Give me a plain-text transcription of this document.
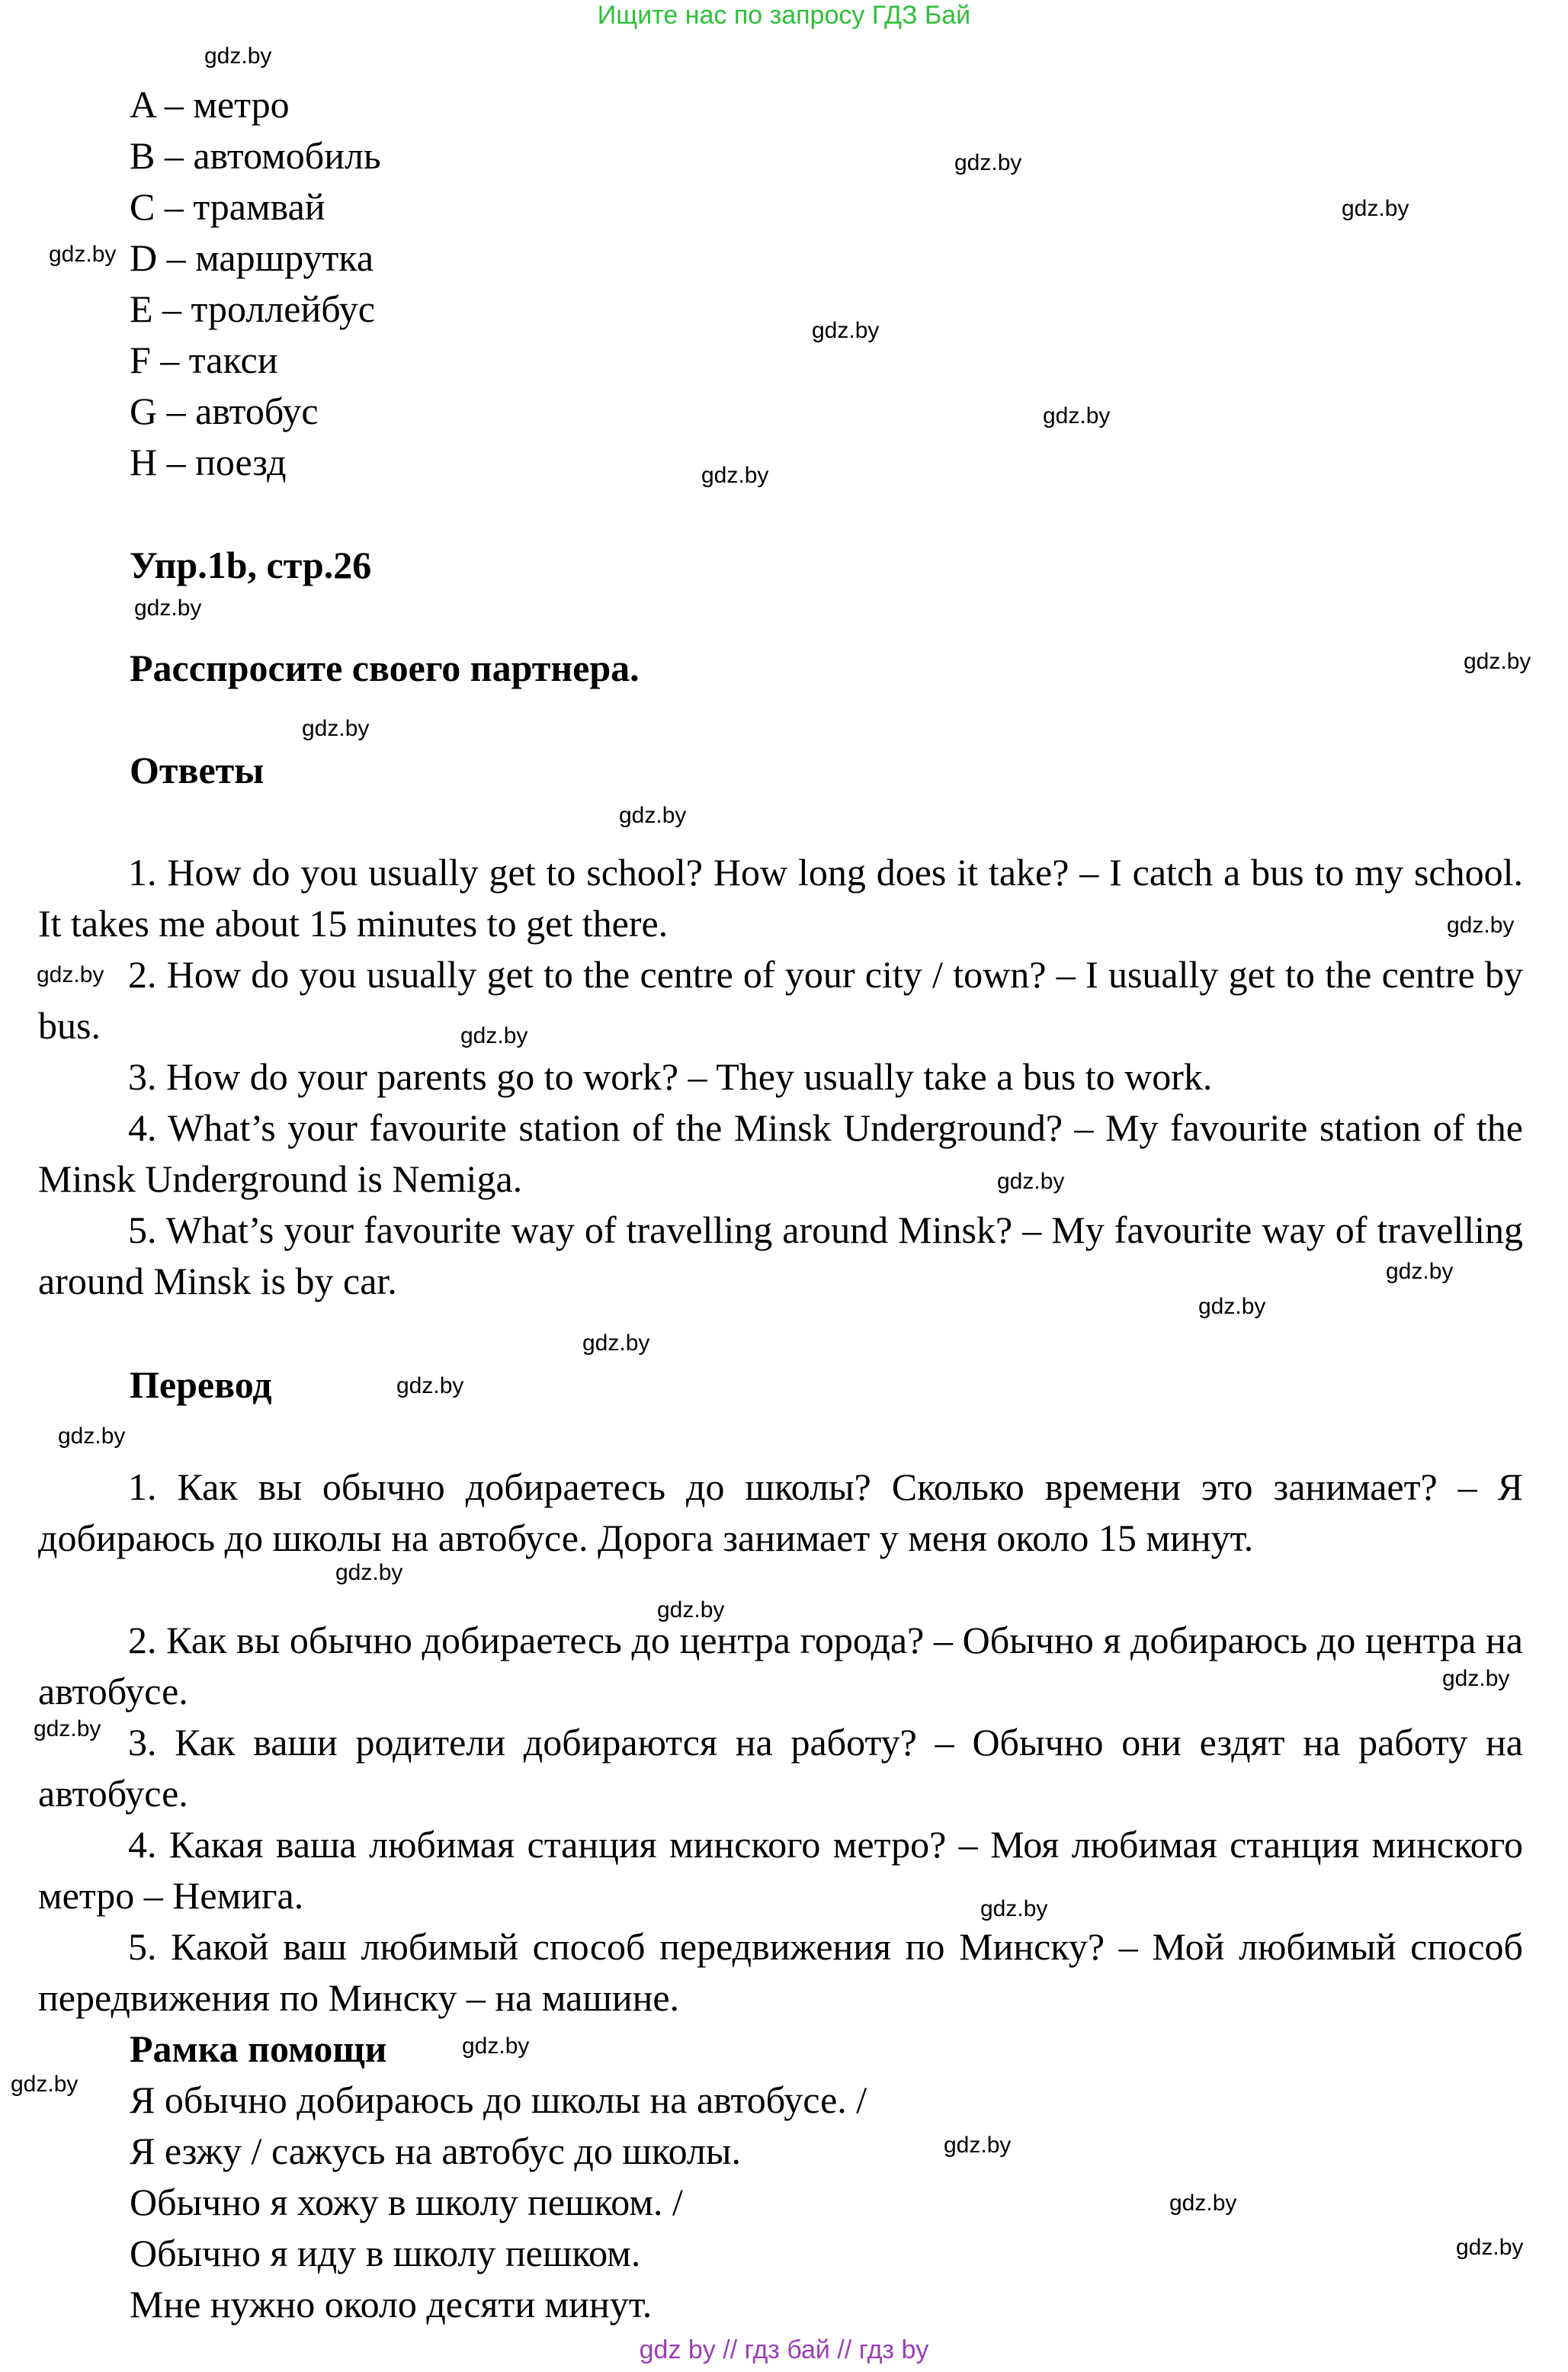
Ищите нас по запросу ГДЗ Бай
A – метро
B – автомобиль
C – трамвай
D – маршрутка
E – троллейбус
F – такси
G – автобус
H – поезд
Упр.1b, стр.26
Расспросите своего партнера.
Ответы
1. How do you usually get to school? How long does it take? – I catch a bus to my school. It takes me about 15 minutes to get there.
2. How do you usually get to the centre of your city / town? – I usually get to the centre by bus.
3. How do your parents go to work? – They usually take a bus to work.
4. What’s your favourite station of the Minsk Underground? – My favourite station of the Minsk Underground is Nemiga.
5. What’s your favourite way of travelling around Minsk? – My favourite way of travelling around Minsk is by car.
Перевод
1. Как вы обычно добираетесь до школы? Сколько времени это занимает? – Я добираюсь до школы на автобусе. Дорога занимает у меня около 15 минут.
2. Как вы обычно добираетесь до центра города? – Обычно я добираюсь до центра на автобусе.
3. Как ваши родители добираются на работу? – Обычно они ездят на работу на автобусе.
4. Какая ваша любимая станция минского метро? – Моя любимая станция минского метро – Немига.
5. Какой ваш любимый способ передвижения по Минску? – Мой любимый способ передвижения по Минску – на машине.
Рамка помощи
Я обычно добираюсь до школы на автобусе. /
Я езжу / сажусь на автобус до школы.
Обычно я хожу в школу пешком. /
Обычно я иду в школу пешком.
Мне нужно около десяти минут.
gdz.by
gdz.by
gdz.by
gdz.by
gdz.by
gdz.by
gdz.by
gdz.by
gdz.by
gdz.by
gdz.by
gdz.by
gdz.by
gdz.by
gdz.by
gdz.by
gdz.by
gdz.by
gdz.by
gdz.by
gdz.by
gdz.by
gdz.by
gdz.by
gdz.by
gdz.by
gdz.by
gdz.by
gdz.by
gdz.by
gdz by // гдз бай // гдз by
